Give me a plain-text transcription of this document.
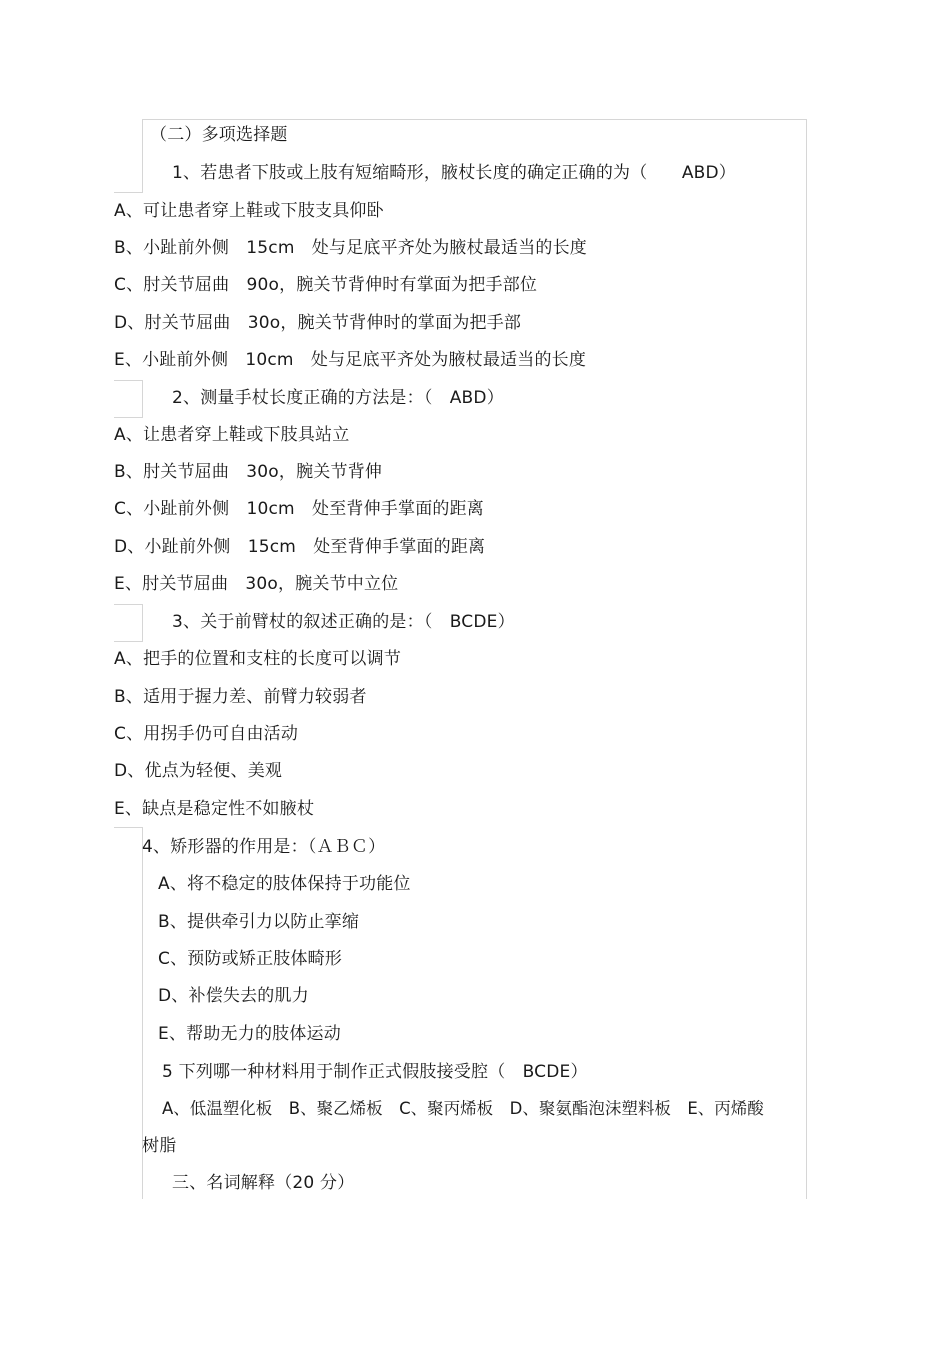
（二）多项选择题
1、若患者下肢或上肢有短缩畸形，腋杖长度的确定正确的为（　　ABD）
A、可让患者穿上鞋或下肢支具仰卧
B、小趾前外侧　15cm　处与足底平齐处为腋杖最适当的长度
C、肘关节屈曲　90o，腕关节背伸时有掌面为把手部位
D、肘关节屈曲　30o，腕关节背伸时的掌面为把手部
E、小趾前外侧　10cm　处与足底平齐处为腋杖最适当的长度
2、测量手杖长度正确的方法是：（　ABD）
A、让患者穿上鞋或下肢具站立
B、肘关节屈曲　30o，腕关节背伸
C、小趾前外侧　10cm　处至背伸手掌面的距离
D、小趾前外侧　15cm　处至背伸手掌面的距离
E、肘关节屈曲　30o，腕关节中立位
3、关于前臂杖的叙述正确的是：（　BCDE）
A、把手的位置和支柱的长度可以调节
B、适用于握力差、前臂力较弱者
C、用拐手仍可自由活动
D、优点为轻便、美观
E、缺点是稳定性不如腋杖
4、矫形器的作用是：（ＡＢＣ）
A、将不稳定的肢体保持于功能位
B、提供牵引力以防止挛缩
C、预防或矫正肢体畸形
D、补偿失去的肌力
E、帮助无力的肢体运动
5 下列哪一种材料用于制作正式假肢接受腔（　BCDE）
A、低温塑化板　B、聚乙烯板　C、聚丙烯板　D、聚氨酯泡沫塑料板　E、丙烯酸
树脂
三、名词解释（20 分）
